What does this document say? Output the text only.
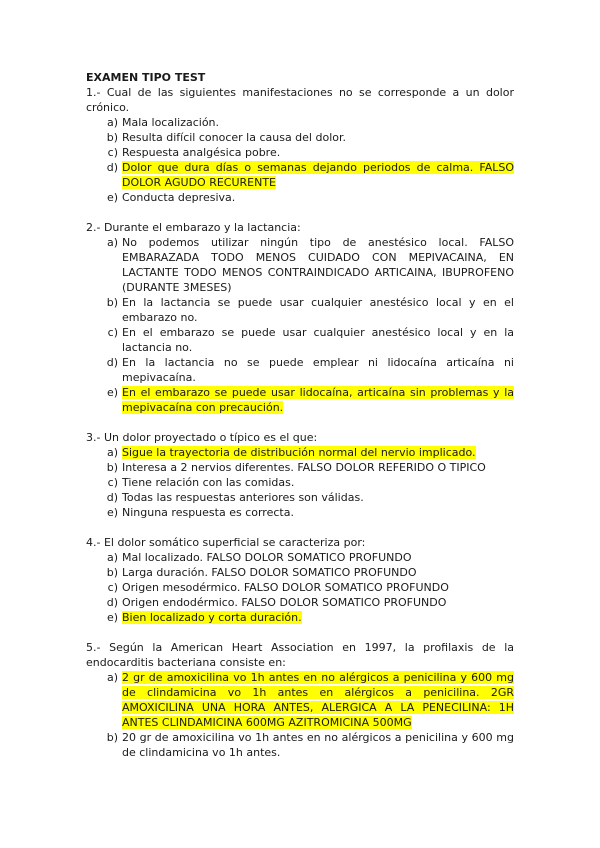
EXAMEN TIPO TEST

1.- Cual de las siguientes manifestaciones no se corresponde a un dolor crónico.

a) Mala localización.
b) Resulta difícil conocer la causa del dolor.
c) Respuesta analgésica pobre.
d) Dolor que dura días o semanas dejando periodos de calma. FALSO DOLOR AGUDO RECURENTE
e) Conducta depresiva.

2.- Durante el embarazo y la lactancia:

a) No podemos utilizar ningún tipo de anestésico local. FALSO EMBARAZADA TODO MENOS CUIDADO CON MEPIVACAINA, EN LACTANTE TODO MENOS CONTRAINDICADO ARTICAINA, IBUPROFENO (DURANTE 3MESES)
b) En la lactancia se puede usar cualquier anestésico local y en el embarazo no.
c) En el embarazo se puede usar cualquier anestésico local y en la lactancia no.
d) En la lactancia no se puede emplear ni lidocaína articaína ni mepivacaína.
e) En el embarazo se puede usar lidocaína, articaína sin problemas y la mepivacaína con precaución.

3.- Un dolor proyectado o típico es el que:

a) Sigue la trayectoria de distribución normal del nervio implicado.
b) Interesa a 2 nervios diferentes. FALSO DOLOR REFERIDO O TIPICO
c) Tiene relación con las comidas.
d) Todas las respuestas anteriores son válidas.
e) Ninguna respuesta es correcta.

4.- El dolor somático superficial se caracteriza por:

a) Mal localizado. FALSO DOLOR SOMATICO PROFUNDO
b) Larga duración. FALSO DOLOR SOMATICO PROFUNDO
c) Origen mesodérmico. FALSO DOLOR SOMATICO PROFUNDO
d) Origen endodérmico. FALSO DOLOR SOMATICO PROFUNDO
e) Bien localizado y corta duración.

5.- Según la American Heart Association en 1997, la profilaxis de la endocarditis bacteriana consiste en:

a) 2 gr de amoxicilina vo 1h antes en no alérgicos a penicilina y 600 mg de clindamicina vo 1h antes en alérgicos a penicilina. 2GR AMOXICILINA UNA HORA ANTES, ALERGICA A LA PENECILINA: 1H ANTES CLINDAMICINA 600MG AZITROMICINA 500MG
b) 20 gr de amoxicilina vo 1h antes en no alérgicos a penicilina y 600 mg de clindamicina vo 1h antes.
